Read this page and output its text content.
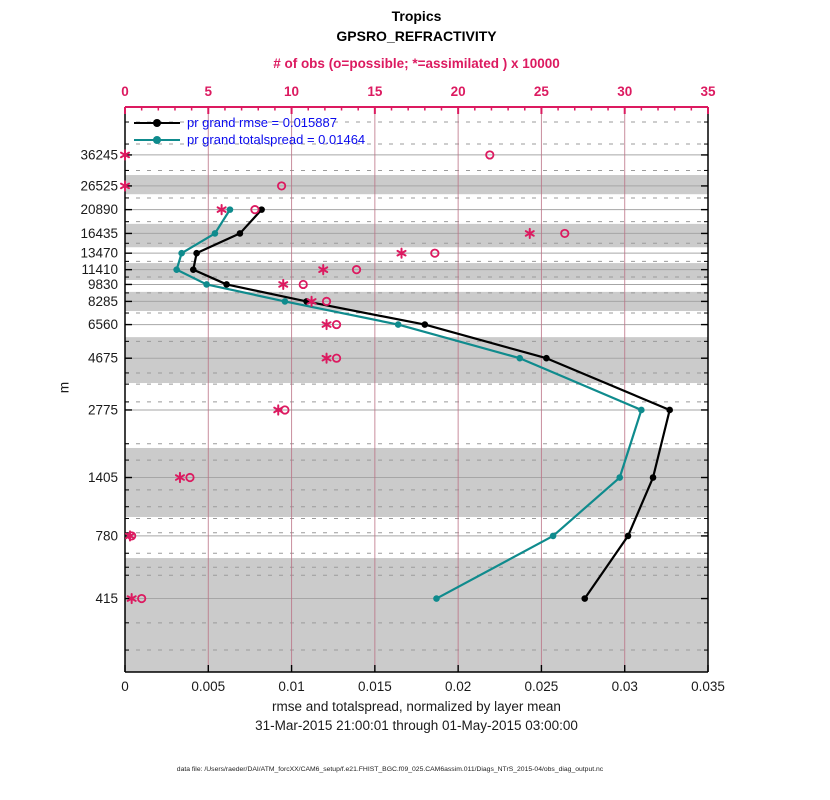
36245
26525
20890
16435
13470
11410
9830
8285
6560
4675
2775
1405
780
415
0	0.005	0.01	0.015	0.02	0.025	0.03	0.035
0	5	10	15	20	25	30	35
Tropics
GPSRO_REFRACTIVITY
# of obs (o=possible; *=assimilated ) x 10000
m
rmse and totalspread, normalized by layer mean
31-Mar-2015 21:00:01 through 01-May-2015 03:00:00
data file: /Users/raeder/DAI/ATM_forcXX/CAM6_setup/f.e21.FHIST_BGC.f09_025.CAM6assim.011/Diags_NTrS_2015-04/obs_diag_output.nc
pr grand rmse = 0.015887
pr grand totalspread = 0.01464
